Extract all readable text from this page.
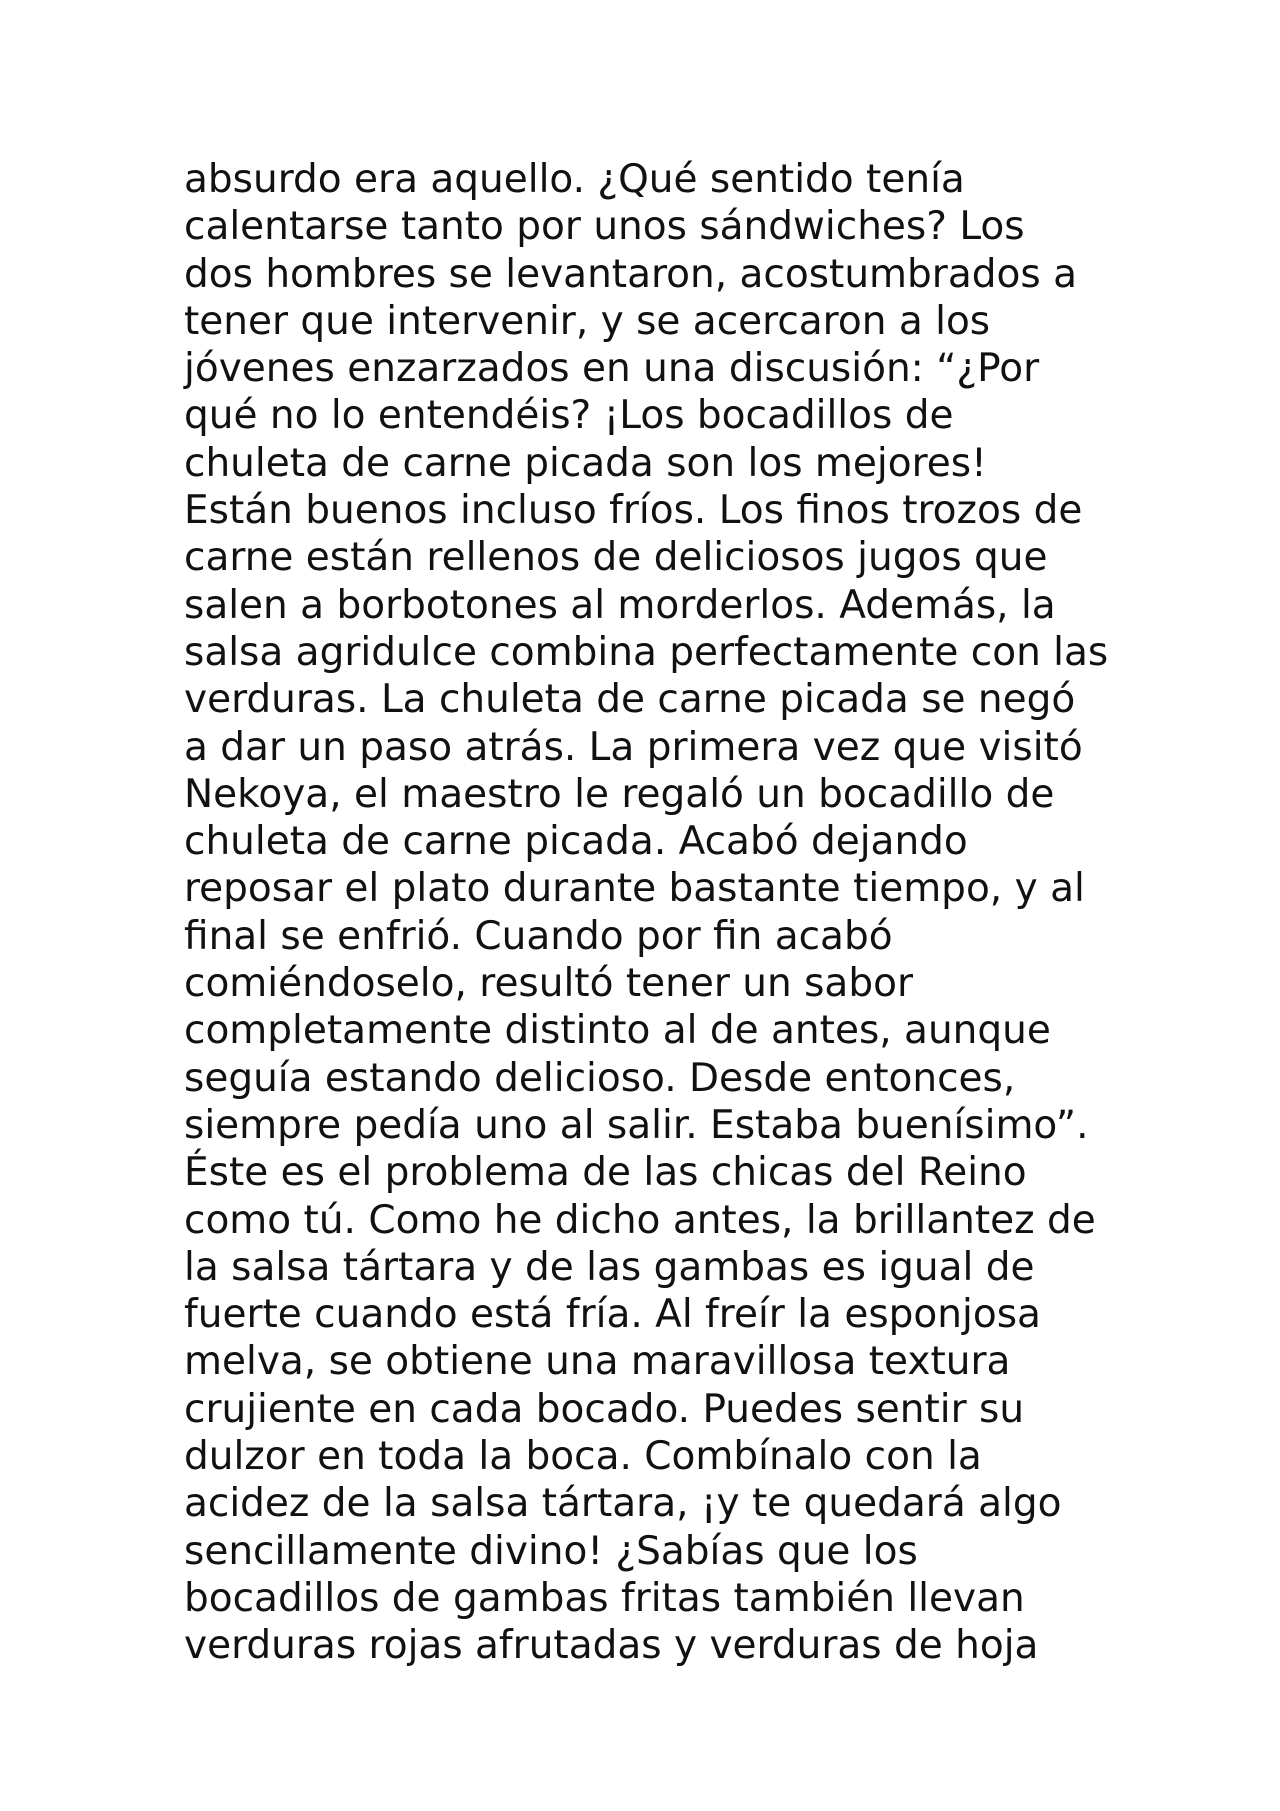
absurdo era aquello. ¿Qué sentido tenía
calentarse tanto por unos sándwiches? Los
dos hombres se levantaron, acostumbrados a
tener que intervenir, y se acercaron a los
jóvenes enzarzados en una discusión: “¿Por
qué no lo entendéis? ¡Los bocadillos de
chuleta de carne picada son los mejores!
Están buenos incluso fríos. Los finos trozos de
carne están rellenos de deliciosos jugos que
salen a borbotones al morderlos. Además, la
salsa agridulce combina perfectamente con las
verduras. La chuleta de carne picada se negó
a dar un paso atrás. La primera vez que visitó
Nekoya, el maestro le regaló un bocadillo de
chuleta de carne picada. Acabó dejando
reposar el plato durante bastante tiempo, y al
final se enfrió. Cuando por fin acabó
comiéndoselo, resultó tener un sabor
completamente distinto al de antes, aunque
seguía estando delicioso. Desde entonces,
siempre pedía uno al salir. Estaba buenísimo”.
Éste es el problema de las chicas del Reino
como tú. Como he dicho antes, la brillantez de
la salsa tártara y de las gambas es igual de
fuerte cuando está fría. Al freír la esponjosa
melva, se obtiene una maravillosa textura
crujiente en cada bocado. Puedes sentir su
dulzor en toda la boca. Combínalo con la
acidez de la salsa tártara, ¡y te quedará algo
sencillamente divino! ¿Sabías que los
bocadillos de gambas fritas también llevan
verduras rojas afrutadas y verduras de hoja
